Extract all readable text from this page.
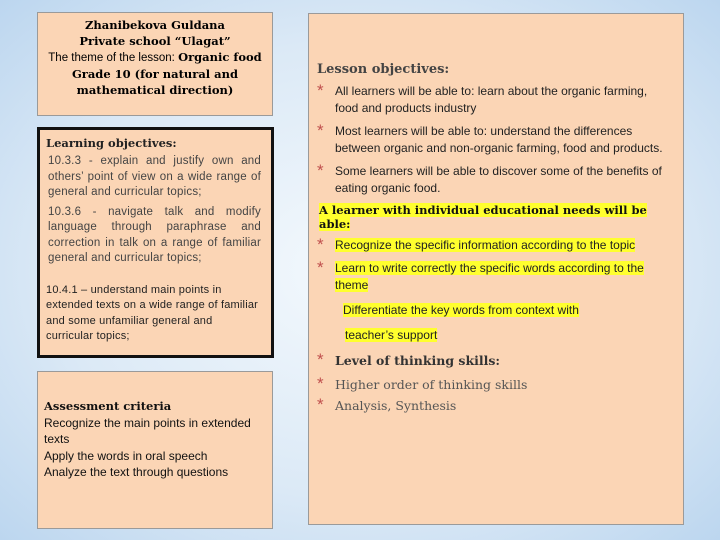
Zhanibekova Guldana
Private school “Ulagat”
The theme of the lesson: Organic food
Grade 10 (for natural and
mathematical direction)
Learning objectives:
10.3.3 - explain and justify own and others’ point of view on a wide range of general and curricular topics;
10.3.6 - navigate talk and modify language through paraphrase and correction in talk on a range of familiar general and curricular topics;
10.4.1 – understand main points in extended texts on a wide range of familiar and some unfamiliar general and curricular topics;
Assessment criteria
Recognize the main points in extended texts
Apply the words in oral speech
Analyze the text through questions
Lesson objectives:
* All learners will be able to: learn about the organic farming, food and products industry
* Most learners will be able to: understand the differences between organic and non-organic farming, food and products.
* Some learners will be able to discover some of the benefits of eating organic food.
A learner with individual educational needs will be able:
* Recognize the specific information according to the topic
* Learn to write correctly the specific words according to the theme
Differentiate the key words from context with
teacher’s support
* Level of thinking skills:
* Higher order of thinking skills
* Analysis, Synthesis
